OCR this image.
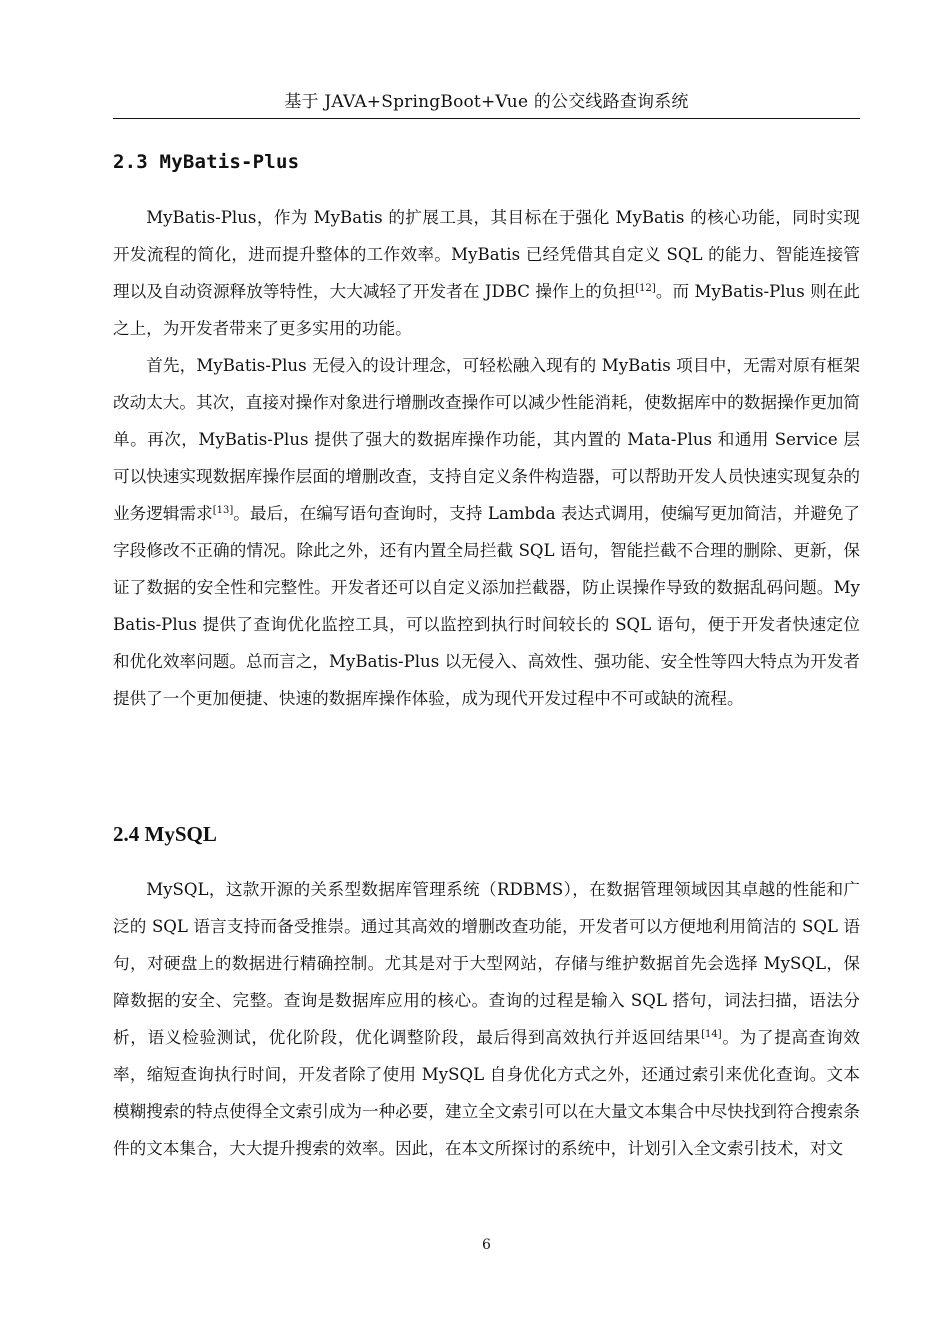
基于 JAVA+SpringBoot+Vue 的公交线路查询系统
2.3 MyBatis-Plus

MyBatis-Plus，作为 MyBatis 的扩展工具，其目标在于强化 MyBatis 的核心功能，同时实现开发流程的简化，进而提升整体的工作效率。MyBatis 已经凭借其自定义 SQL 的能力、智能连接管理以及自动资源释放等特性，大大减轻了开发者在 JDBC 操作上的负担[12]。而 MyBatis-Plus 则在此之上，为开发者带来了更多实用的功能。

首先，MyBatis-Plus 无侵入的设计理念，可轻松融入现有的 MyBatis 项目中，无需对原有框架改动太大。其次，直接对操作对象进行增删改查操作可以减少性能消耗，使数据库中的数据操作更加简单。再次，MyBatis-Plus 提供了强大的数据库操作功能，其内置的 Mata-Plus 和通用 Service 层可以快速实现数据库操作层面的增删改查，支持自定义条件构造器，可以帮助开发人员快速实现复杂的业务逻辑需求[13]。最后，在编写语句查询时，支持 Lambda 表达式调用，使编写更加简洁，并避免了字段修改不正确的情况。除此之外，还有内置全局拦截 SQL 语句，智能拦截不合理的删除、更新，保证了数据的安全性和完整性。开发者还可以自定义添加拦截器，防止误操作导致的数据乱码问题。MyBatis-Plus 提供了查询优化监控工具，可以监控到执行时间较长的 SQL 语句，便于开发者快速定位和优化效率问题。总而言之，MyBatis-Plus 以无侵入、高效性、强功能、安全性等四大特点为开发者提供了一个更加便捷、快速的数据库操作体验，成为现代开发过程中不可或缺的流程。

2.4 MySQL

MySQL，这款开源的关系型数据库管理系统（RDBMS），在数据管理领域因其卓越的性能和广泛的 SQL 语言支持而备受推崇。通过其高效的增删改查功能，开发者可以方便地利用简洁的 SQL 语句，对硬盘上的数据进行精确控制。尤其是对于大型网站，存储与维护数据首先会选择 MySQL，保障数据的安全、完整。查询是数据库应用的核心。查询的过程是输入 SQL 搭句，词法扫描，语法分析，语义检验测试，优化阶段，优化调整阶段，最后得到高效执行并返回结果[14]。为了提高查询效率，缩短查询执行时间，开发者除了使用 MySQL 自身优化方式之外，还通过索引来优化查询。文本模糊搜索的特点使得全文索引成为一种必要，建立全文索引可以在大量文本集合中尽快找到符合搜索条件的文本集合，大大提升搜索的效率。因此，在本文所探讨的系统中，计划引入全文索引技术，对文

6
